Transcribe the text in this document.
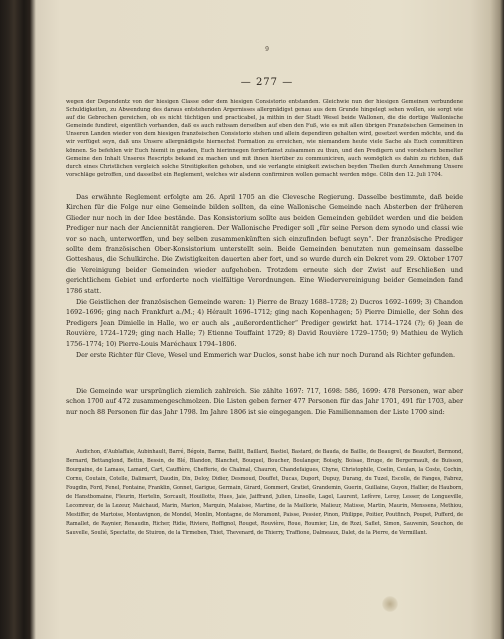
9

— 277 —

wegen der Dependentz von der hiesigen Classe oder dem hiesigen Consistorio entstanden. Gleichwie nun der hiesigen Gemeinen verbundene Schuldigkeiten, zu Abwendung des daraus entstehenden Argernisses allergnädigst genau aus dem Grunde hingelegt sehen wollen, sie sorgt wie auf die Gebrechen gereichen, ob es nicht tüchtigen und practicabel, ja mithin in der Stadt Wesel beide Wallonen, die die dortige Wallonische Gemeinde fundiret, eigentlich vorhanden, daß es auch rathsam derselben auf eben den Fuß, wie es mit allen übrigen Französischen Gemeinen in Unseren Landen wieder von dem hiesigen französischen Consistorio stehen und allein dependiren gehalten wird, gesetzet werden möchte, und da wir verfüget seyn, daß uns Unsere allergnädigste hiernechst Formation zu erreichen, wie niemandem heute viele Sache als Euch committiren können. So befehlen wir Euch hiemit in gnaden, Euch hierinnegen forderfamst zuisammen zu thun, und den Predigern und vorstehern bemelter Gemeine den Inhalt Unseres Rescripts bekand zu machen und mit ihnen hierüber zu communiciren, auch womöglich es dahin zu richten, daß durch eines Christlichen vergleich solche Streitigkeiten gehoben, und sie verlangte einigkeit zwischen beyden Theilen durch Annehmung Unsere vorschläge getroffen, und dasselbst ein Reglement, welches wir alsdenn confirmiren wollen gemacht werden möge. Cölln den 12. Juli 1704.

Das erwähnte Reglement erfolgte am 26. April 1705 an die Clevesche Regierung. Dasselbe bestimmte, daß beide Kirchen für die Folge nur eine Gemeinde bilden sollten, da eine Wallonische Gemeinde nach Absterben der früheren Glieder nur noch in der Idee bestände. Das Konsistorium sollte aus beiden Gemeinden gebildet werden und die beiden Prediger nur nach der Anciennität rangieren. Der Wallonische Prediger soll „für seine Person dem synodo und classi wie vor so nach, unterworffen, und bey selben zusammenkünften sich einzufinden befugt seyn“. Der französische Prediger sollte dem französischen Ober-Konsistorium unterstellt sein. Beide Gemeinden benutzten nun gemeinsam dasselbe Gotteshaus, die Schulkirche. Die Zwistigkeiten dauerten aber fort, und so wurde durch ein Dekret vom 29. Oktober 1707 die Vereinigung beider Gemeinden wieder aufgehoben. Trotzdem erneute sich der Zwist auf Erschließen und gerichtlichem Gebiet und erforderte noch vielfältige Verordnungen. Eine Wiedervereinigung beider Gemeinden fand 1786 statt.

Die Geistlichen der französischen Gemeinde waren: 1) Pierre de Brazy 1688–1728; 2) Ducros 1692–1699; 3) Chandon 1692–1696; ging nach Frankfurt a./M.; 4) Hérault 1696–1712; ging nach Kopenhagen; 5) Pierre Dimielle, der Sohn des Predigers Jean Dimielle in Halle, wo er auch als „außerordentlicher“ Prediger gewirkt hat. 1714–1724 (?); 6) Jean de Rouvière, 1724–1729; ging nach Halle; 7) Etienne Touffaint 1729; 8) David Rouvière 1729–1750; 9) Mathieu de Wylich 1756–1774; 10) Pierre-Louis Maréchaux 1794–1806.

Der erste Richter für Cleve, Wesel und Emmerich war Duclos, sonst habe ich nur noch Durand als Richter gefunden.

Die Gemeinde war ursprünglich ziemlich zahlreich. Sie zählte 1697: 717, 1698: 586, 1699: 478 Personen, war aber schon 1700 auf 472 zusammengeschmolzen. Die Listen geben ferner 477 Personen für das Jahr 1701, 491 für 1703, aber nur noch 88 Personen für das Jahr 1798. Im Jahre 1806 ist sie eingegangen. Die Familiennamen der Liste 1700 sind:

Audichon, d'Aublaffaie, Aubinhault, Barré, Bégoin, Barme, Baillit, Baillard, Bastiel, Bastard, de Bauda, de Baillie, de Beaugrel, de Beaufort, Bermond, Bernard, Bettanglond, Bettin, Bessin, de Blé, Blandon, Blanchet, Bouquel, Boucher, Boulanger, Boisgly, Boisae, Bruge, de Bergermault, de Buisson, Bourgaine, de Lamass, Lamard, Cart, Cauffière, Chefferie, de Chalmal, Chauron, Chandefaigues, Chyne, Christophile, Coelin, Ceulan, la Coste, Cochin, Cornu, Coutain, Cotelle, Dalimarrt, Daudin, Dix, Deloy, Didier, Desmoud, Douffet, Ducas, Duport, Dupuy, Durang, du Tuzel, Escolle, de Fanges, Fabrez, Fougdin, Ford, Fenel, Fontaine, Franklin, Gonnet, Garigue, Germain, Girard, Gommert, Gratiet, Grandemin, Guerin, Guillaine, Guyon, Hallier, de Hauborn, de Hanstbomaine, Fleurin, Hertelin, Sorcault, Houillotte, Hues, Jaie, Jaiffrand, Julien, Linsolle, Lagel, Laurent, Lefèvre, Leroy, Lesser, de Longueville, Lecomreur, de la Lezeur, Maichaud, Marin, Marion, Marquin, Malaisse, Martine, de la Maillorie, Malieur, Matisse, Martin, Maurin, Menssens, Methiou, Mestiffer, de Martoise, Montavignon, de Mondel, Monlin, Montagne, de Moramont, Paisse, Pessier, Pinon, Philippe, Poitier, Poutfinch, Poupet, Pufferd, de Ramallet, de Raynier, Renaudin, Richer, Ridie, Riviere, Roffignol, Rouget, Rouvière, Roue, Roumier, Lin, de Rozi, Saflet, Simon, Sauvenin, Souchon, de Sauvelle, Soulié, Spectatte, de Stuiron, de la Tirmeben, Thiet, Thevenard, de Thierry, Traffione, Dalmeaux, Dalet, de la Pierre, de Vermillant.
